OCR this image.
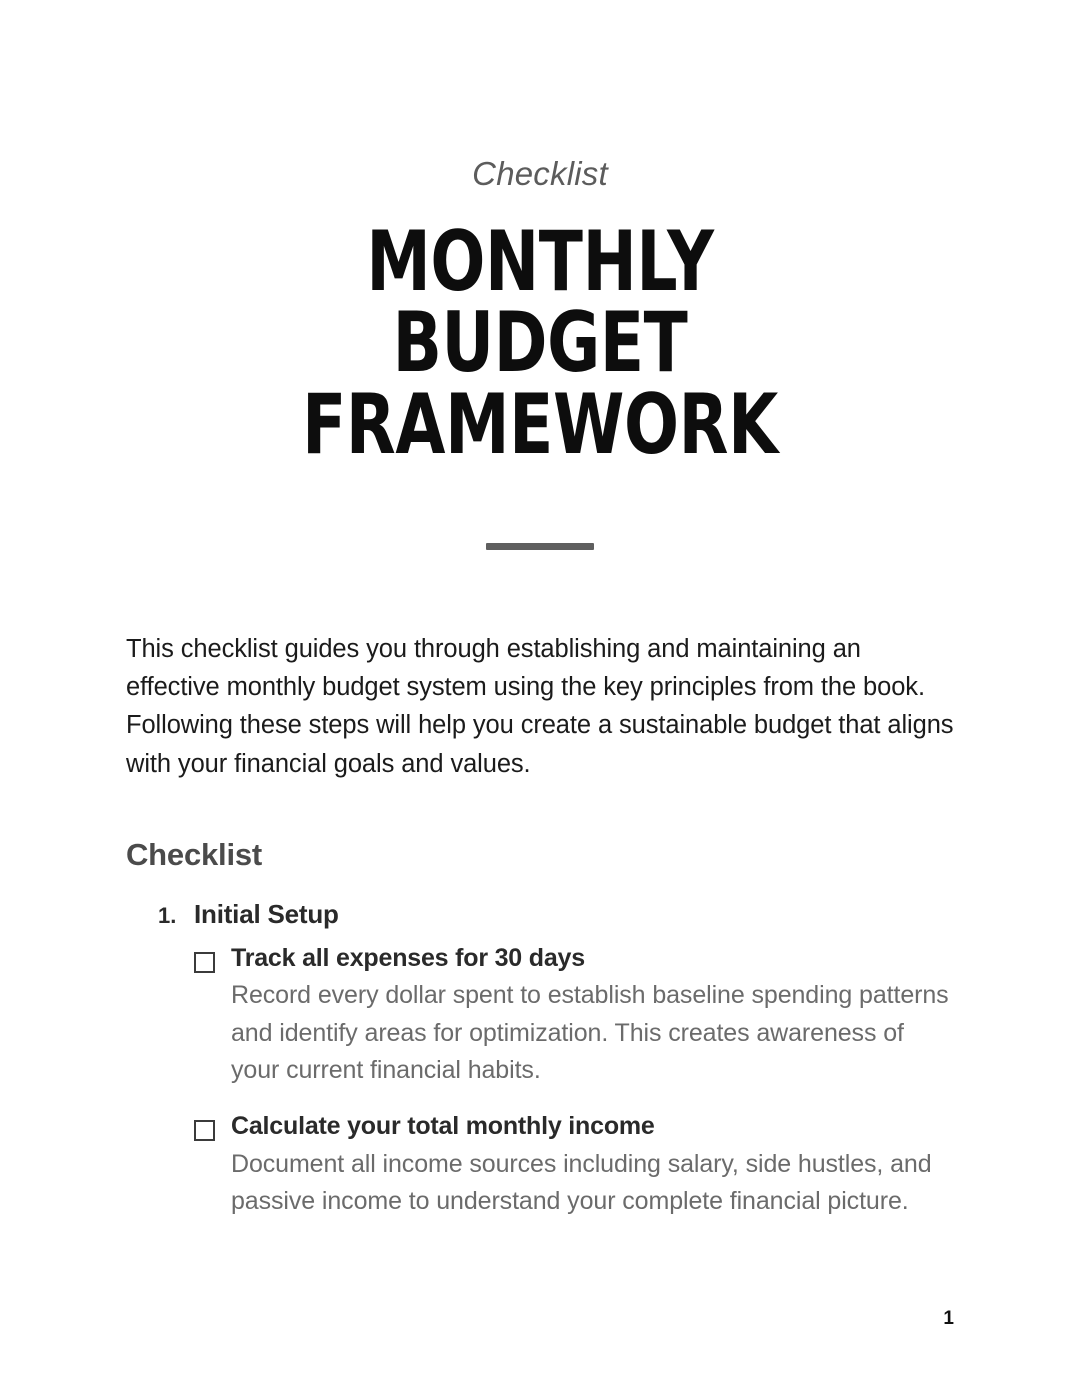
Checklist
MONTHLY BUDGET FRAMEWORK

This checklist guides you through establishing and maintaining an effective monthly budget system using the key principles from the book. Following these steps will help you create a sustainable budget that aligns with your financial goals and values.

Checklist
1. Initial Setup
Track all expenses for 30 days
Record every dollar spent to establish baseline spending patterns and identify areas for optimization. This creates awareness of your current financial habits.
Calculate your total monthly income
Document all income sources including salary, side hustles, and passive income to understand your complete financial picture.
1
